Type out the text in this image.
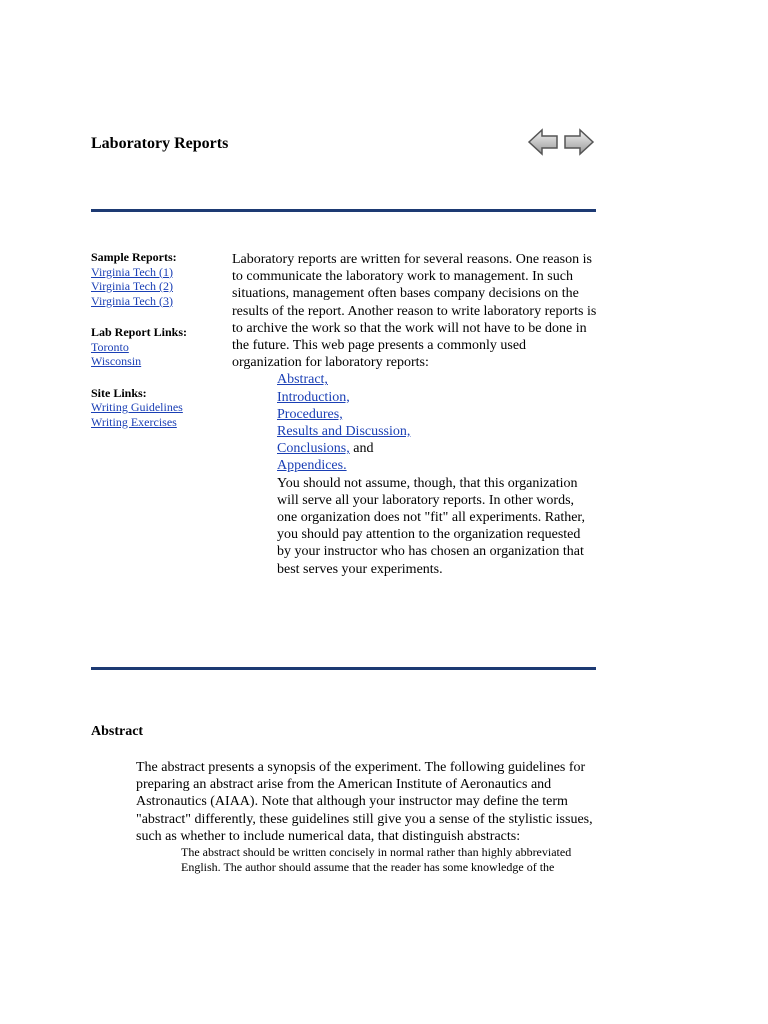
Laboratory Reports
Sample Reports:
Virginia Tech (1)
Virginia Tech (2)
Virginia Tech (3)
Lab Report Links:
Toronto
Wisconsin
Site Links:
Writing Guidelines
Writing Exercises

Laboratory reports are written for several reasons. One reason is to communicate the laboratory work to management. In such situations, management often bases company decisions on the results of the report. Another reason to write laboratory reports is to archive the work so that the work will not have to be done in the future. This web page presents a commonly used organization for laboratory reports:

Abstract,
Introduction,
Procedures,
Results and Discussion,
Conclusions, and
Appendices.

You should not assume, though, that this organization will serve all your laboratory reports. In other words, one organization does not "fit" all experiments. Rather, you should pay attention to the organization requested by your instructor who has chosen an organization that best serves your experiments.

Abstract

The abstract presents a synopsis of the experiment. The following guidelines for preparing an abstract arise from the American Institute of Aeronautics and Astronautics (AIAA). Note that although your instructor may define the term "abstract" differently, these guidelines still give you a sense of the stylistic issues, such as whether to include numerical data, that distinguish abstracts:

The abstract should be written concisely in normal rather than highly abbreviated English. The author should assume that the reader has some knowledge of the
